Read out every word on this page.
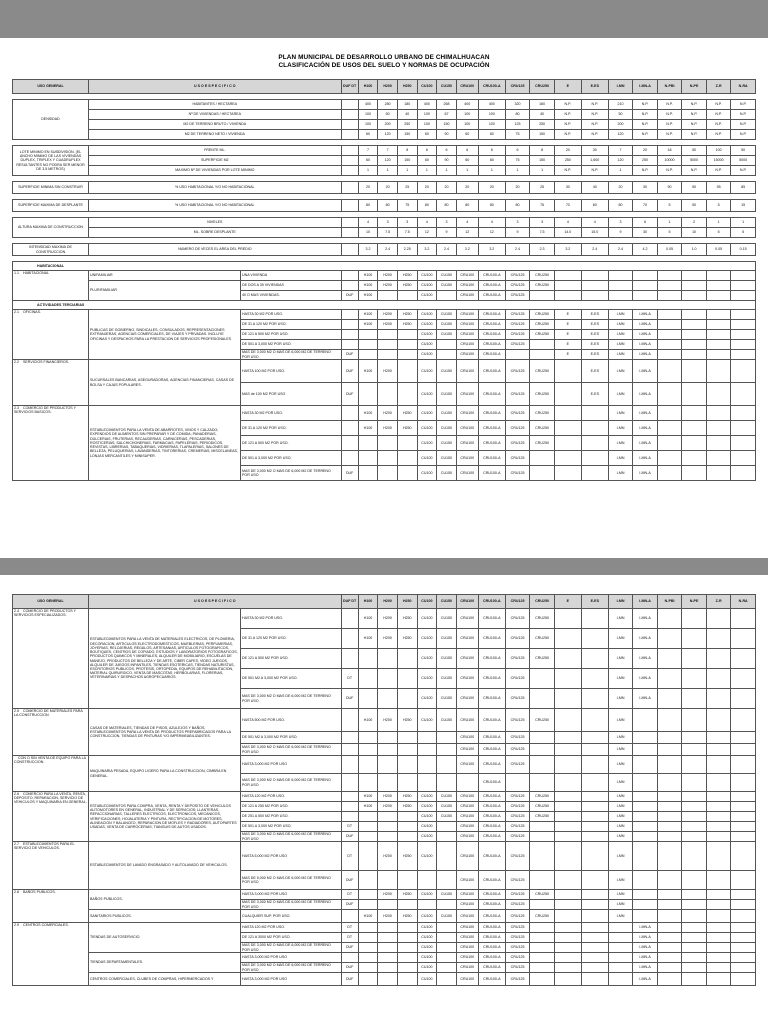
PLAN MUNICIPAL DE DESARROLLO URBANO DE CHIMALHUACAN
CLASIFICACIÓN DE USOS DEL SUELO Y NORMAS DE OCUPACIÓN
USO GENERAL	U S O E S P E C I F I C O		DUF DT	H100	H200	H250	CU100	CU150	CRU100	CRU100-A	CRU125	CRU250	E	E-ES	I-MN	I-MN-A	N-PBI	N-PE	Z-R	N-RA

DENSIDAD	HABITANTES / HECTAREA			400	280	180	400	268	400	400	320	160	N.P.	N.P.	210	N.P.	N.P.	N.P.	N.P.	N.P.
	Nº DE VIVIENDAS / HECTAREA			100	50	40	100	67	100	100	80	40	N.P.	N.P.	50	N.P.	N.P.	N.P.	N.P.	N.P.
	M2 DE TERRENO BRUTO / VIVIENDA			100	200	250	100	150	100	100	125	250	N.P.	N.P.	200	N.P.	N.P.	N.P.	N.P.	N.P.
	M2 DE TERRENO NETO / VIVIENDA			60	120	150	60	90	60	60	75	150	N.P.	N.P.	120	N.P.	N.P.	N.P.	N.P.	N.P.

LOTE MINIMO EN SUBDIVISION. (EL ANCHO MINIMO DE LAS VIVIENDAS DUPLEX, TRIPLEX Y CUADRUPLEX RESULTANTES NO PODRA SER MENOR DE 3.5 METROS)	FRENTE ML.			7	7	8	6	6	6	6	6	8	20	30	7	20	18	50	100	50
	SUPERFICIE M2			60	120	150	60	90	60	60	75	150	250	1,600	120	250	10000	5000	15000	5000
	MAXIMO Nº DE VIVIENDAS POR LOTE MINIMO			1	1	1	1	1	1	1	1	1	N.P.	N.P.	1	N.P.	N.P.	N.P.	N.P.	N.P.

SUPERFICIE MINIMA SIN CONSTRUIR	% USO HABITACIONAL Y/O NO HABITACIONAL			20	20	25	20	20	20	20	20	25	30	40	20	30	90	50	95	85

SUPERFICIE MAXIMA DE DESPLANTE	% USO HABITACIONAL Y/O NO HABITACIONAL			80	80	75	80	80	80	80	80	75	70	60	80	70	5	50	5	15

ALTURA MAXIMA DE CONSTRUCCION	NIVELES			4	3	3	4	3	4	4	3	3	4	4	3	6	1	2	1	1
	ML. SOBRE DESPLANTE			10	7.5	7.5	12	9	12	12	9	7.5	14.0	15.0	9	30	5	10	5	5

INTENSIDAD MAXIMA DE CONSTRUCCION	NUMERO DE VECES EL AREA DEL PREDIO			3.2	2.4	2.25	3.2	2.4	3.2	3.2	2.4	2.3	3.2	2.4	2.4	4.2	0.05	1.0	0.05	0.15

HABITACIONAL																				
1.1 HABITACIONAL	UNIFAMILIAR	UNA VIVIENDA		H100	H200	H250	CU100	CU150	CRU100	CRU100-A	CRU125	CRU250								
	PLURIFAMILIAR	DE DOS A 39 VIVIENDAS		H100	H200	H250	CU100	CU150	CRU100	CRU100-A	CRU125	CRU250								
		40 O MAS VIVIENDAS.	DUF	H100			CU100		CRU100	CRU100-A	CRU125									
ACTIVIDADES TERCIARIAS																				
2.1 OFICINAS.	PUBLICAS DE GOBIERNO, SINDICALES, CONSULADOS, REPRESENTACIONES EXTRANJERAS, AGENCIAS COMERCIALES, DE VIAJES Y PRIVADAS. INCLUYE OFICINAS Y DESPACHOS PARA LA PRESTACION DE SERVICIOS PROFESIONALES	HASTA 30 M2 POR USO.		H100	H200	H250	CU100	CU150	CRU100	CRU100-A	CRU125	CRU250	E	E-ES	I-MN	I-MN-A				
		DE 31 A 120 M2 POR USO.		H100	H200	H250	CU100	CU150	CRU100	CRU100-A	CRU125	CRU250	E	E-ES	I-MN	I-MN-A				
		DE 121 A 500 M2 POR USO.					CU100	CU150	CRU100	CRU100-A	CRU125	CRU250	E	E-ES	I-MN	I-MN-A				
		DE 501 A 3,000 M2 POR USO.					CU100		CRU100	CRU100-A	CRU125		E	E-ES	I-MN	I-MN-A				
		MAS DE 3,000 M2 O MAS DE 6,000 M2 DE TERRENO POR USO	DUF				CU100		CRU100	CRU100-A			E	E-ES	I-MN	I-MN-A				
2.2 SERVICIOS FINANCIEROS.	SUCURSALES BANCARIAS, ASEGURADORAS, AGENCIAS FINANCIERAS, CASAS DE BOLSA Y CAJAS POPULARES.	HASTA 100 M2 POR USO.	DUF	H100	H200		CU100	CU150	CRU100	CRU100-A	CRU125	CRU250		E-ES	I-MN	I-MN-A				
		MAS de 100 M2 POR USO	DUF				CU100	CU150	CRU100	CRU100-A	CRU125	CRU250		E-ES	I-MN	I-MN-A				
2.3 COMERCIO DE PRODUCTOS Y SERVICIOS BASICOS.	ESTABLECIMIENTOS PARA LA VENTA DE ABARROTES, VINOS Y CALZADO; EXPENDIOS DE ALIMENTOS SIN PREPARAR Y DE COMIDA; PANADERIAS, DULCERIAS, FRUTERIAS, RECAUDERIAS, CARNICERIAS, PESCADERIAS, ROSTICERIAS, SALCHICHONERIAS, FARMACIAS, PAPELERIAS, PERIODICOS, REVISTAS, LIBRERIAS, TABAQUERIAS, VIDRIERIAS, TLAPALERIAS, SALONES DE BELLEZA, PELUQUERIAS, LAVANDERIAS, TINTORERIAS, CREMERIAS, MISCELANEAS, LONJAS MERCANTILES Y MINISUPER.	HASTA 30 M2 POR USO.		H100	H200	H250	CU100	CU150	CRU100	CRU100-A	CRU125	CRU250			I-MN	I-MN-A				
		DE 31 A 120 M2 POR USO.		H100	H200	H250	CU100	CU150	CRU100	CRU100-A	CRU125	CRU250			I-MN	I-MN-A				
		DE 121 A 500 M2 POR USO.					CU100	CU150	CRU100	CRU100-A	CRU125	CRU250			I-MN	I-MN-A				
		DE 501 A 3,000 M2 POR USO.					CU100	CU150	CRU100	CRU100-A	CRU125				I-MN	I-MN-A				
		MAS DE 3,000 M2 O MAS DE 6,000 M2 DE TERRENO POR USO	DUF				CU100	CU150	CRU100	CRU100-A	CRU125				I-MN	I-MN-A				
USO GENERAL	U S O E S P E C I F I C O		DUF DT	H100	H200	H250	CU100	CU150	CRU100	CRU100-A	CRU125	CRU250	E	E-ES	I-MN	I-MN-A	N-PBI	N-PE	Z-R	N-RA
2.4 COMERCIO DE PRODUCTOS Y SERVICIOS ESPECIALIZADOS.	ESTABLECIMIENTOS PARA LA VENTA DE MATERIALES ELECTRICOS, DE PLOMERIA, DECORACION, ARTICULOS ELECTRODOMESTICOS, MUEBLERIAS, PERFUMERIAS, JOYERIAS, RELOJERIAS, REGALOS, ARTESANIAS, ARTICULOS FOTOGRAFICOS, BOUTIQUES, CENTROS DE COPIADO, ESTUDIOS Y LABORATORIOS FOTOGRAFICOS, PRODUCTOS QUIMICOS Y MINERALES, ALQUILER DE MOBILIARIO, ESCUELAS DE MANEJO, PRODUCTOS DE BELLEZA Y DE ARTE, CIBER CAFES, VIDEO JUEGOS, ALQUILER DE JUEGOS INFANTILES, TIENDAS ESOTERICAS, TIENDAS NATURISTAS, ESCRITORIOS PUBLICOS, PROTESIS, ORTOPEDIA, EQUIPOS DE REHABILITACION, MATERIAL QUIRURGICO, VENTA DE MASCOTAS, HERBOLARIAS, FLORERIAS, VETERINARIAS Y DESPACHOS AGROPECUARIOS.	HASTA 30 M2 POR USO.		H100	H200	H250	CU100	CU150	CRU100	CRU100-A	CRU125	CRU250			I-MN	I-MN-A				
		DE 31 A 120 M2 POR USO.		H100	H200	H250	CU100	CU150	CRU100	CRU100-A	CRU125	CRU250			I-MN	I-MN-A				
		DE 121 A 500 M2 POR USO.					CU100	CU150	CRU100	CRU100-A	CRU125	CRU250			I-MN	I-MN-A				
		DE 501 M2 A 3,000 M2 POR USO.	DT				CU100	CU150	CRU100	CRU100-A	CRU125				I-MN	I-MN-A				
		MAS DE 3,000 M2 O MAS DE 6,000 M2 DE TERRENO POR USO	DUF				CU100	CU150	CRU100	CRU100-A	CRU125				I-MN	I-MN-A				
2.5 COMERCIO DE MATERIALES PARA LA CONSTRUCCION	CASAS DE MATERIALES, TIENDAS DE PISOS, AZULEJOS Y BAÑOS, ESTABLECIMIENTOS PARA LA VENTA DE PRODUCTOS PREFABRICADOS PARA LA CONSTRUCCION, TIENDAS DE PINTURAS Y/O IMPERMEABILIZANTES.	HASTA 500 M2 POR USO.		H100	H200	H250	CU100	CU150	CRU100	CRU100-A	CRU125	CRU250			I-MN					
		DE 501 M2 A 3,000 M2 POR USO.							CRU100	CRU100-A	CRU125				I-MN					
		MAS DE 3,000 M2 O MAS DE 6,000 M2 DE TERRENO POR USO							CRU100	CRU100-A	CRU125				I-MN					
CON O SIN VENTA DE EQUIPO PARA LA CONSTRUCCION.	MAQUINARIA PESADA, EQUIPO LIGERO PARA LA CONSTRUCCION, CIMBRA EN GENERAL.	HASTA 3,000 M2 POR USO							CRU100	CRU100-A	CRU125				I-MN					
		MAS DE 3,000 M2 O MAS DE 6,000 M2 DE TERRENO POR USO								CRU100-A					I-MN					
2.6 COMERCIO PARA LA VENTA, RENTA, DEPOSITO, REPARACION, SERVICIO DE VEHICULOS Y MAQUINARIA EN GENERAL.	ESTABLECIMIENTOS PARA COMPRA, VENTA, RENTA Y DEPOSITO DE VEHICULOS AUTOMOTORES EN GENERAL, INDUSTRIAL Y DE SERVICIOS; LLANTERAS, REFACCIONARIAS, TALLERES ELECTRICOS, ELECTRONICOS, MECANICOS, VERIFICACIONES, HOJALATERIA Y PINTURA, RECTIFICACION DE MOTORES, ALINEACION Y BALANCEO, REPARACION DE MOFLES Y RADIADORES, AUTOPARTES USADAS, VENTA DE CARROCERIAS, TIANGUIS DE AUTOS USADOS.	HASTA 120 M2 POR USO.		H100	H200	H250	CU100	CU150	CRU100	CRU100-A	CRU125	CRU250			I-MN					
		DE 121 A 250 M2 POR USO.		H100	H200	H250	CU100	CU150	CRU100	CRU100-A	CRU125	CRU250			I-MN					
		DE 251 A 500 M2 POR USO.					CU100	CU150	CRU100	CRU100-A	CRU125	CRU250			I-MN					
		DE 501 A 3,000 M2 POR USO.	DT				CU100		CRU100	CRU100-A	CRU125				I-MN					
		MAS DE 3,000 M2 O MAS DE 6,000 M2 DE TERRENO POR USO	DUF				CU100		CRU100	CRU100-A	CRU125				I-MN					
2.7 ESTABLECIMIENTOS PARA EL SERVICIO DE VEHICULOS.	ESTABLECIMIENTOS DE LAVADO ENGRASADO Y AUTOLAVADO DE VEHICULOS.	HASTA 5,000 M2 POR USO	DT		H200	H250	CU100		CRU100	CRU100-A	CRU125				I-MN					
		MAS DE 5,000 M2 O MAS DE 6,000 M2 DE TERRENO POR USO	DUF						CRU100	CRU100-A	CRU125				I-MN					
2.8 BAÑOS PUBLICOS.	BAÑOS PUBLICOS.	HASTA 3,000 M2 POR USO	DT		H200	H250	CU100	CU150	CRU100	CRU100-A	CRU125	CRU250			I-MN					
		MAS DE 3,000 M2 O MAS DE 6,000 M2 DE TERRENO POR USO	DUF						CRU100	CRU100-A	CRU125				I-MN					
	SANITARIOS PUBLICOS.	CUALQUIER SUP. POR USO.		H100	H200	H250	CU100	CU150	CRU100	CRU100-A	CRU125	CRU250			I-MN					
2.9 CENTROS COMERCIALES.	TIENDAS DE AUTOSERVICIO.	HASTA 120 M2 POR USO.	DT				CU100		CRU100	CRU100-A	CRU125					I-MN-A				
		DE 121 A 3000 M2 POR USO.	DT				CU100		CRU100	CRU100-A	CRU125					I-MN-A				
		MAS DE 3,000 M2 O MAS DE 6,000 M2 DE TERRENO POR USO	DUF				CU100		CRU100	CRU100-A	CRU125					I-MN-A				
	TIENDAS DEPARTAMENTALES.	HASTA 3,000 M2 POR USO					CU100		CRU100	CRU100-A	CRU125					I-MN-A				
		MAS DE 3,000 M2 O MAS DE 6,000 M2 DE TERRENO POR USO	DUF				CU100		CRU100	CRU100-A	CRU125					I-MN-A				
	CENTROS COMERCIALES, CLUBES DE COMPRAS, HIPERMERCADOS Y	HASTA 3,000 M2 POR USO	DUF				CU100		CRU100	CRU100-A	CRU125					I-MN-A				
